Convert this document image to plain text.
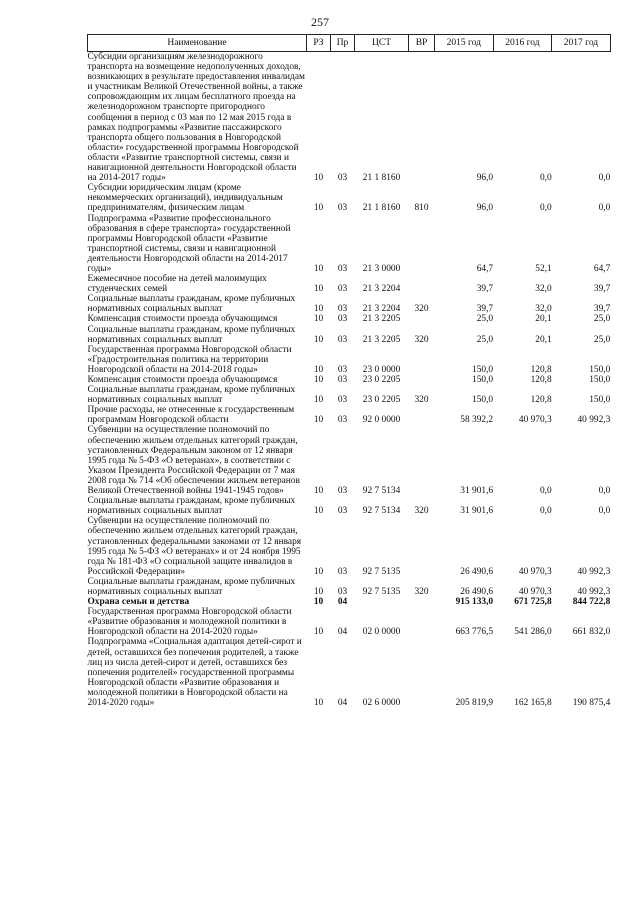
257
Наименование	РЗ	Пр	ЦСТ	ВР	2015 год	2016 год	2017 год
Субсидии организациям железнодорожного транспорта на возмещение недополученных доходов, возникающих в результате предоставления инвалидам и участникам Великой Отечественной войны, а также сопровождающим их лицам бесплатного проезда на железнодорожном транспорте пригородного сообщения в период с 03 мая по 12 мая 2015 года в рамках подпрограммы «Развитие пассажирского транспорта общего пользования в Новгородской области» государственной программы Новгородской области «Развитие транспортной системы, связи и навигационной деятельности Новгородской области на 2014-2017 годы»	10	03	21 1 8160		96,0	0,0	0,0
Субсидии юридическим лицам (кроме некоммерческих организаций), индивидуальным предпринимателям, физическим лицам	10	03	21 1 8160	810	96,0	0,0	0,0
Подпрограмма «Развитие профессионального образования в сфере транспорта» государственной программы Новгородской области «Развитие транспортной системы, связи и навигационной деятельности Новгородской области на 2014-2017 годы»	10	03	21 3 0000		64,7	52,1	64,7
Ежемесячное пособие на детей малоимущих студенческих семей	10	03	21 3 2204		39,7	32,0	39,7
Социальные выплаты гражданам, кроме публичных нормативных социальных выплат	10	03	21 3 2204	320	39,7	32,0	39,7
Компенсация стоимости проезда обучающимся	10	03	21 3 2205		25,0	20,1	25,0
Социальные выплаты гражданам, кроме публичных нормативных социальных выплат	10	03	21 3 2205	320	25,0	20,1	25,0
Государственная программа Новгородской области «Градостроительная политика на территории Новгородской области на 2014-2018 годы»	10	03	23 0 0000		150,0	120,8	150,0
Компенсация стоимости проезда обучающимся	10	03	23 0 2205		150,0	120,8	150,0
Социальные выплаты гражданам, кроме публичных нормативных социальных выплат	10	03	23 0 2205	320	150,0	120,8	150,0
Прочие расходы, не отнесенные к государственным программам Новгородской области	10	03	92 0 0000		58 392,2	40 970,3	40 992,3
Субвенции на осуществление полномочий по обеспечению жильем отдельных категорий граждан, установленных Федеральным законом от 12 января 1995 года № 5-ФЗ «О ветеранах», в соответствии с Указом Президента Российской Федерации от 7 мая 2008 года № 714 «Об обеспечении жильем ветеранов Великой Отечественной войны 1941-1945 годов»	10	03	92 7 5134		31 901,6	0,0	0,0
Социальные выплаты гражданам, кроме публичных нормативных социальных выплат	10	03	92 7 5134	320	31 901,6	0,0	0,0
Субвенции на осуществление полномочий по обеспечению жильем отдельных категорий граждан, установленных федеральными законами от 12 января 1995 года № 5-ФЗ «О ветеранах» и от 24 ноября 1995 года № 181-ФЗ «О социальной защите инвалидов в Российской Федерации»	10	03	92 7 5135		26 490,6	40 970,3	40 992,3
Социальные выплаты гражданам, кроме публичных нормативных социальных выплат	10	03	92 7 5135	320	26 490,6	40 970,3	40 992,3
Охрана семьи и детства	10	04			915 133,0	671 725,8	844 722,8
Государственная программа Новгородской области «Развитие образования и молодежной политики в Новгородской области на 2014-2020 годы»	10	04	02 0 0000		663 776,5	541 286,0	661 832,0
Подпрограмма «Социальная адаптация детей-сирот и детей, оставшихся без попечения родителей, а также лиц из числа детей-сирот и детей, оставшихся без попечения родителей» государственной программы Новгородской области «Развитие образования и молодежной политики в Новгородской области на 2014-2020 годы»	10	04	02 6 0000		205 819,9	162 165,8	190 875,4
